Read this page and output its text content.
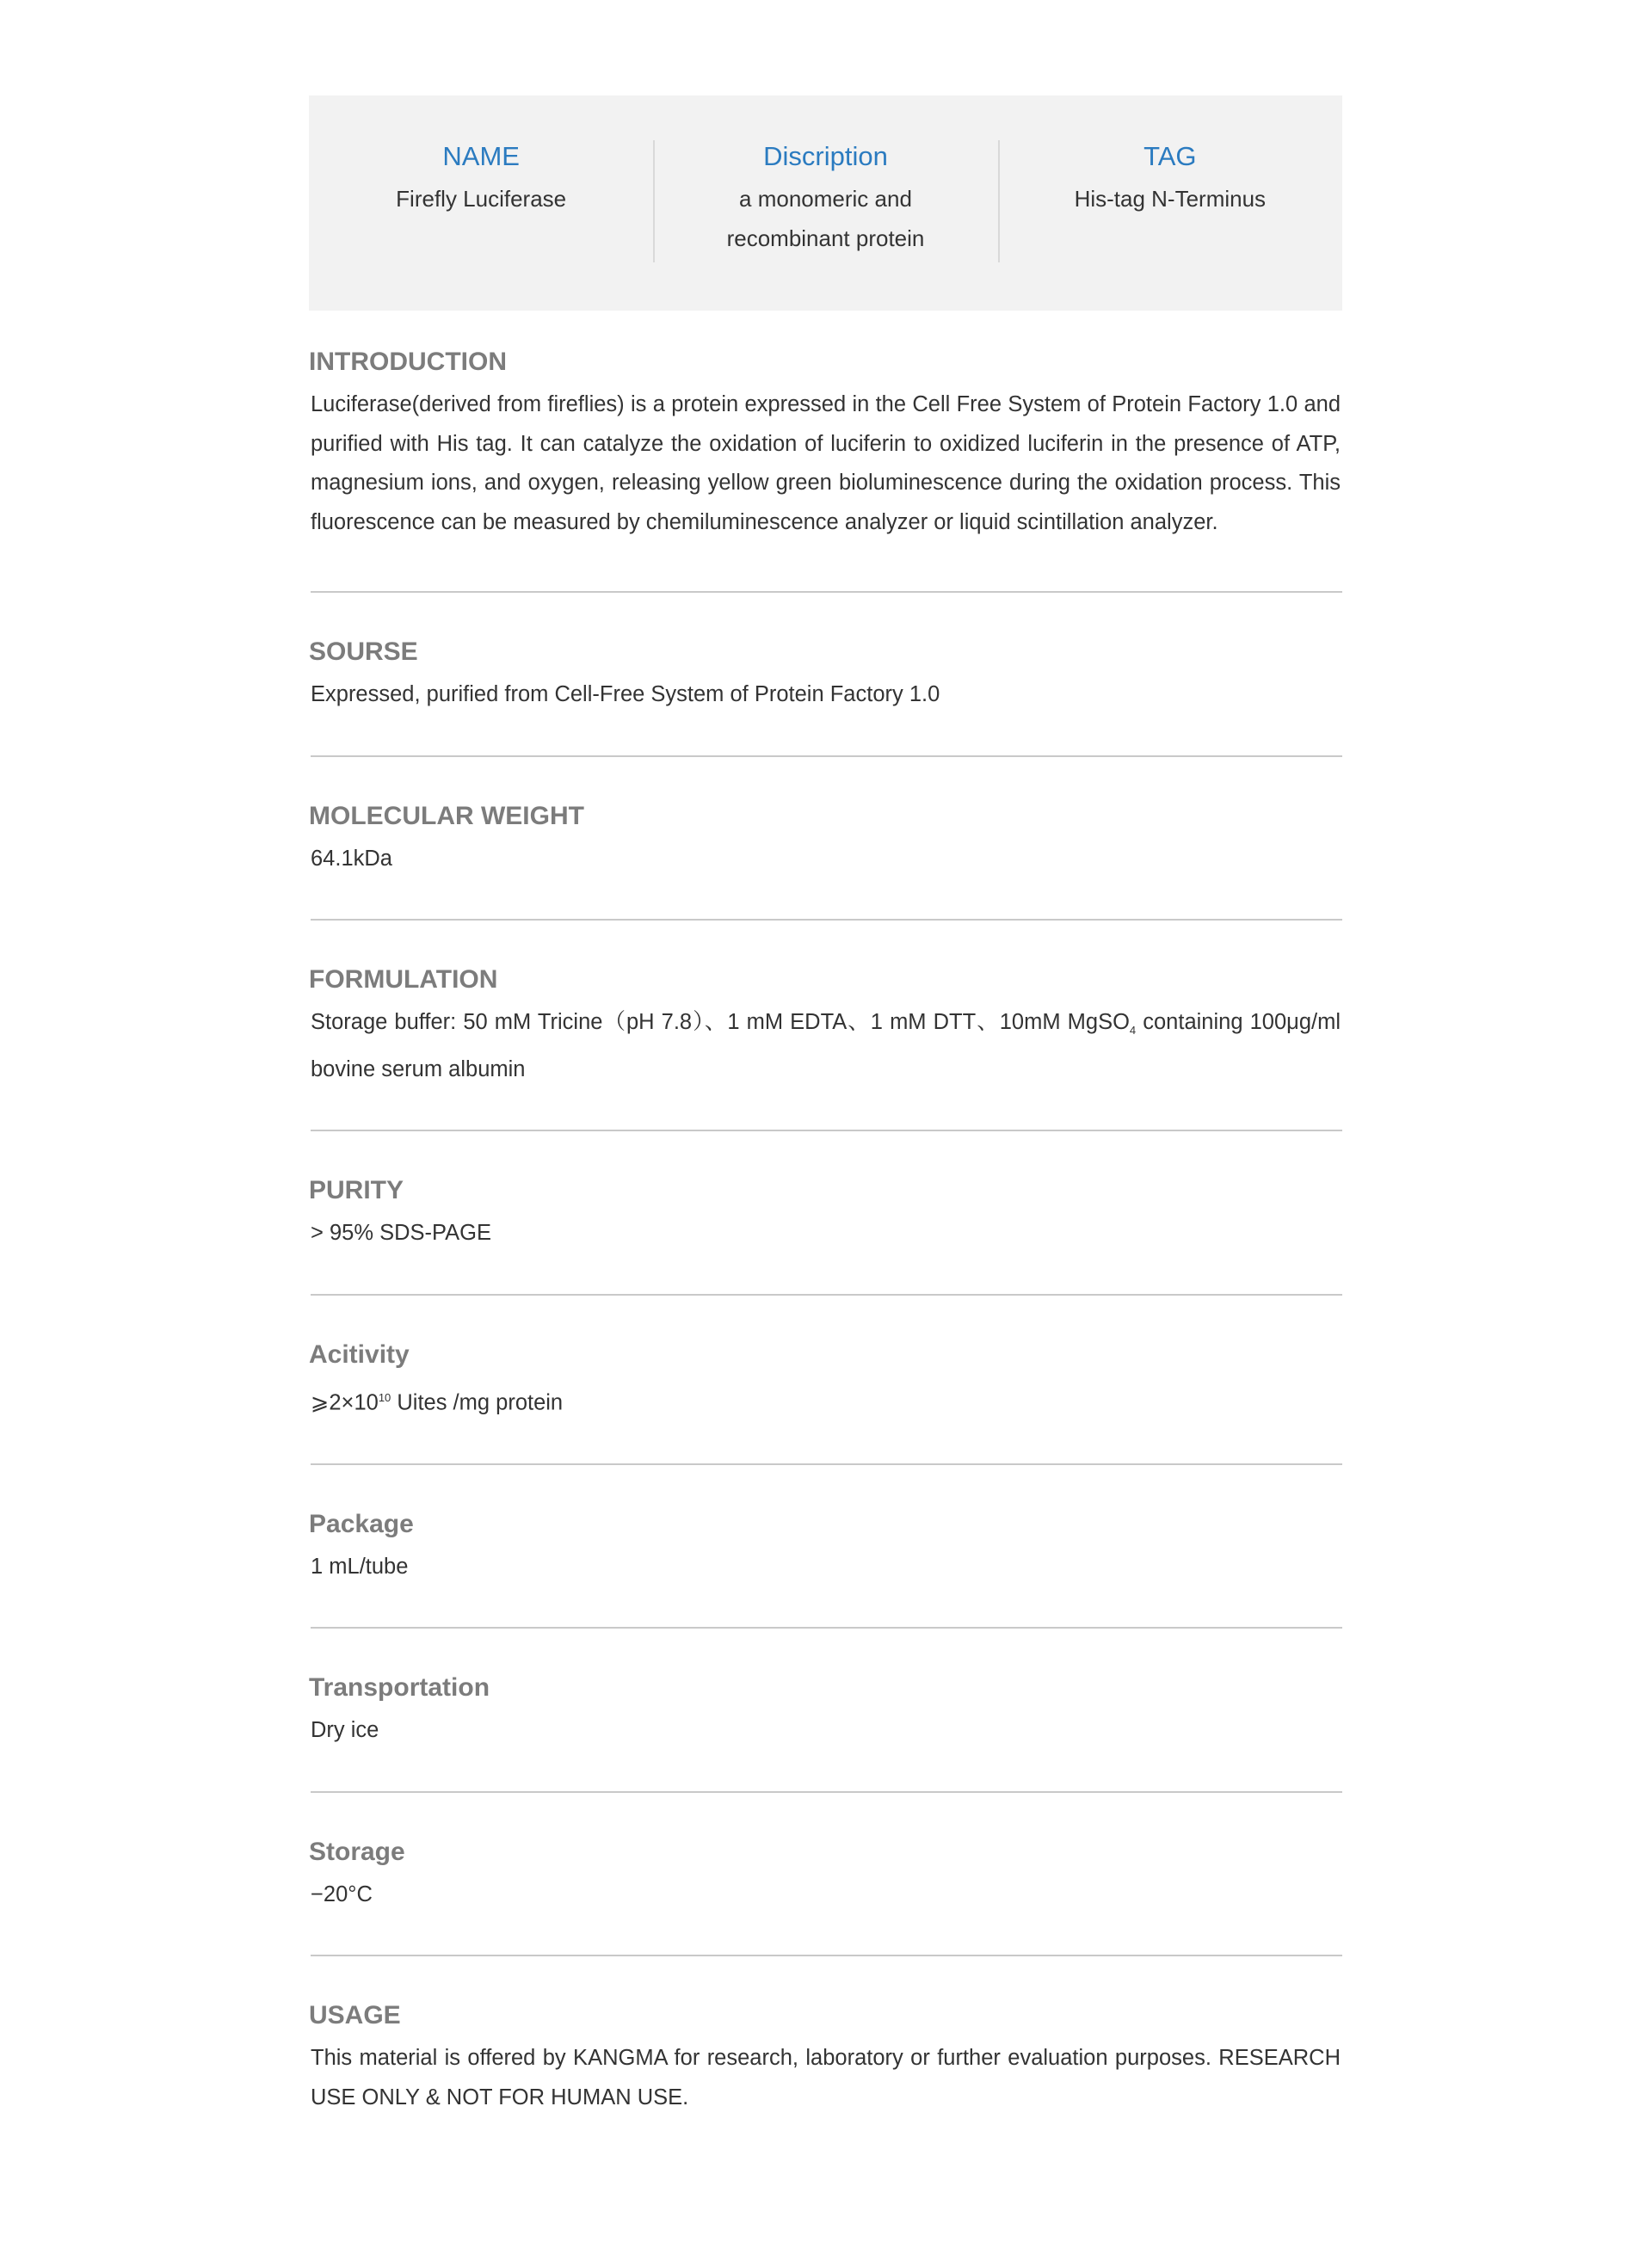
NAME
Firefly Luciferase
Discription
a monomeric and recombinant protein
TAG
His-tag N-Terminus
INTRODUCTION

Luciferase(derived from fireflies) is a protein expressed in the Cell Free System of Protein Factory 1.0 and purified with His tag. It can catalyze the oxidation of luciferin to oxidized luciferin in the presence of ATP, magnesium ions, and oxygen, releasing yellow green bioluminescence during the oxidation process. This fluorescence can be measured by chemiluminescence analyzer or liquid scintillation analyzer.

SOURSE

Expressed, purified from Cell-Free System of Protein Factory 1.0

MOLECULAR WEIGHT

64.1kDa

FORMULATION

Storage buffer: 50 mM Tricine（pH 7.8）、1 mM EDTA、1 mM DTT、10mM MgSO$_4$ containing 100μg/ml bovine serum albumin

PURITY

> 95% SDS-PAGE

Acitivity

$⩾2\times 10^{10}$ Uites /mg protein

Package

1 mL/tube

Transportation

Dry ice

Storage

−20°C

USAGE

This material is offered by KANGMA for research, laboratory or further evaluation purposes. RESEARCH USE ONLY & NOT FOR HUMAN USE.
